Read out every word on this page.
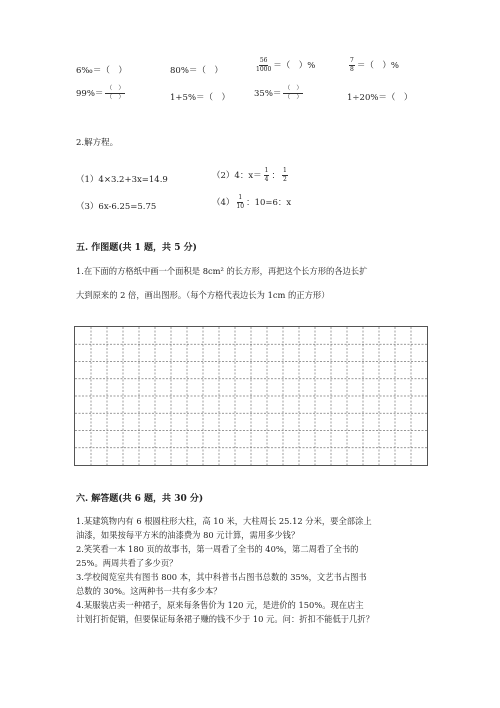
6‰＝（　）	80%＝（　）	$\frac{56}{1000}$ ＝（　）%	$\frac{7}{8}$ ＝（　）%
$99\%= \frac{( )}{( )}$	1+5%＝（　）	$35\%= \frac{( )}{( )}$	1÷20%＝（　）
2.解方程。
（1）4×3.2+3x=14.9	（2）4：$x= \frac{1}{4}$ ： $\frac{1}{2}$
（3）6x-6.25=5.75	$(4) \frac{1}{10}$ ：10=6：x
五. 作图题(共 1 题，共 5 分)
1.在下面的方格纸中画一个面积是 8cm² 的长方形，再把这个长方形的各边长扩
大到原来的 2 倍，画出图形。（每个方格代表边长为 1cm 的正方形）
六. 解答题(共 6 题，共 30 分)
1.某建筑物内有 6 根圆柱形大柱，高 10 米，大柱周长 25.12 分米，要全部涂上
油漆，如果按每平方米的油漆费为 80 元计算，需用多少钱？
2.笑笑看一本 180 页的故事书，第一周看了全书的 40%，第二周看了全书的
25%。两周共看了多少页？
3.学校阅览室共有图书 800 本，其中科普书占图书总数的 35%，文艺书占图书
总数的 30%。这两种书一共有多少本？
4.某服装店卖一种裙子，原来每条售价为 120 元，是进价的 150%。现在店主
计划打折促销，但要保证每条裙子赚的钱不少于 10 元。问：折扣不能低于几折？
